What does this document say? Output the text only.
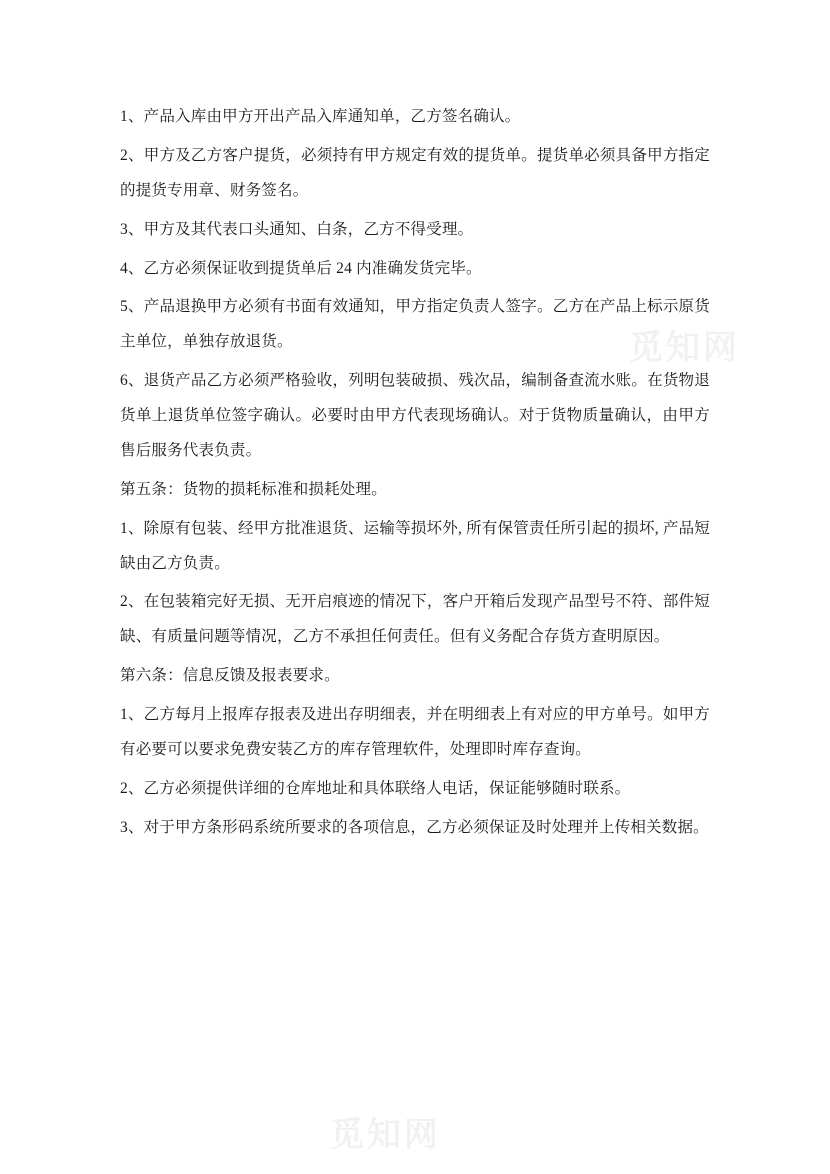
1、产品入库由甲方开出产品入库通知单，乙方签名确认。

2、甲方及乙方客户提货，必须持有甲方规定有效的提货单。提货单必须具备甲方指定的提货专用章、财务签名。

3、甲方及其代表口头通知、白条，乙方不得受理。

4、乙方必须保证收到提货单后 24 内准确发货完毕。

5、产品退换甲方必须有书面有效通知，甲方指定负责人签字。乙方在产品上标示原货主单位，单独存放退货。

6、退货产品乙方必须严格验收，列明包装破损、残次品，编制备查流水账。在货物退货单上退货单位签字确认。必要时由甲方代表现场确认。对于货物质量确认，由甲方售后服务代表负责。

第五条：货物的损耗标准和损耗处理。

1、除原有包装、经甲方批准退货、运输等损坏外, 所有保管责任所引起的损坏, 产品短缺由乙方负责。

2、在包装箱完好无损、无开启痕迹的情况下，客户开箱后发现产品型号不符、部件短缺、有质量问题等情况，乙方不承担任何责任。但有义务配合存货方查明原因。

第六条：信息反馈及报表要求。

1、乙方每月上报库存报表及进出存明细表，并在明细表上有对应的甲方单号。如甲方有必要可以要求免费安装乙方的库存管理软件，处理即时库存查询。

2、乙方必须提供详细的仓库地址和具体联络人电话，保证能够随时联系。

3、对于甲方条形码系统所要求的各项信息，乙方必须保证及时处理并上传相关数据。

觅知网
觅知网
